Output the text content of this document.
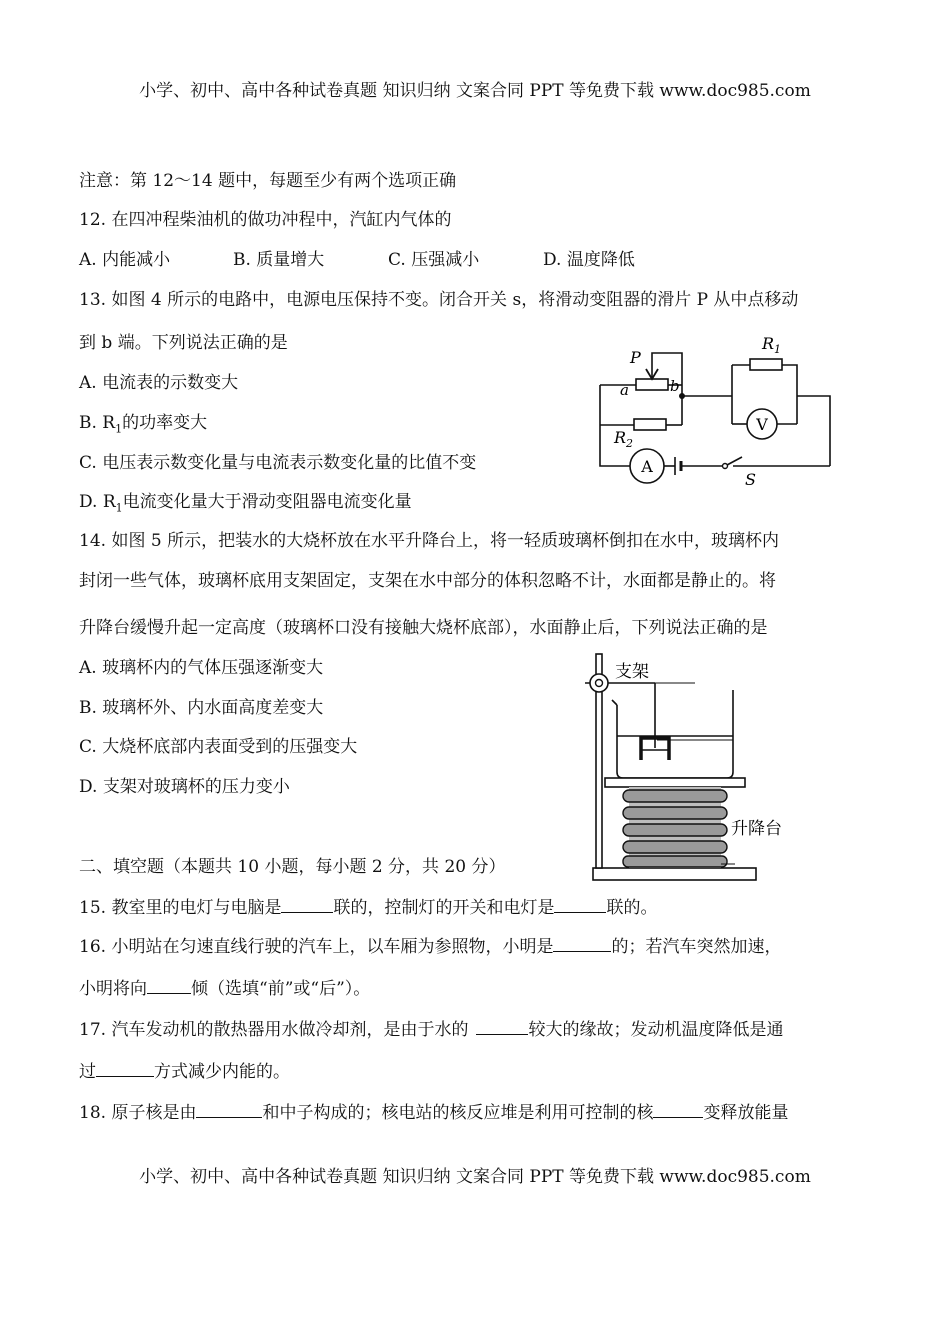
小学、初中、高中各种试卷真题 知识归纳 文案合同 PPT 等免费下载 www.doc985.com
注意：第 12～14 题中，每题至少有两个选项正确
12. 在四冲程柴油机的做功冲程中，汽缸内气体的
A. 内能减小	B. 质量增大	C. 压强减小	D. 温度降低
13. 如图 4 所示的电路中，电源电压保持不变。闭合开关 s，将滑动变阻器的滑片 P 从中点移动
到 b 端。下列说法正确的是
A. 电流表的示数变大
B. $R_1$的功率变大
C. 电压表示数变化量与电流表示数变化量的比值不变
D. $R_1$电流变化量大于滑动变阻器电流变化量
V
A
P
a	b
$R_1$
$R_2$
S
14. 如图 5 所示，把装水的大烧杯放在水平升降台上，将一轻质玻璃杯倒扣在水中，玻璃杯内
封闭一些气体，玻璃杯底用支架固定，支架在水中部分的体积忽略不计，水面都是静止的。将
升降台缓慢升起一定高度（玻璃杯口没有接触大烧杯底部），水面静止后，下列说法正确的是
A. 玻璃杯内的气体压强逐渐变大
B. 玻璃杯外、内水面高度差变大
C. 大烧杯底部内表面受到的压强变大
D. 支架对玻璃杯的压力变小
支架
升降台
二、填空题（本题共 10 小题，每小题 2 分，共 20 分）
15. 教室里的电灯与电脑是	联的，控制灯的开关和电灯是	联的。
16. 小明站在匀速直线行驶的汽车上，以车厢为参照物，小明是	的；若汽车突然加速，
小明将向	倾（选填“前”或“后”）。
17. 汽车发动机的散热器用水做冷却剂，是由于水的	较大的缘故；发动机温度降低是通
过	方式减少内能的。
18. 原子核是由	和中子构成的；核电站的核反应堆是利用可控制的核	变释放能量
小学、初中、高中各种试卷真题 知识归纳 文案合同 PPT 等免费下载 www.doc985.com
